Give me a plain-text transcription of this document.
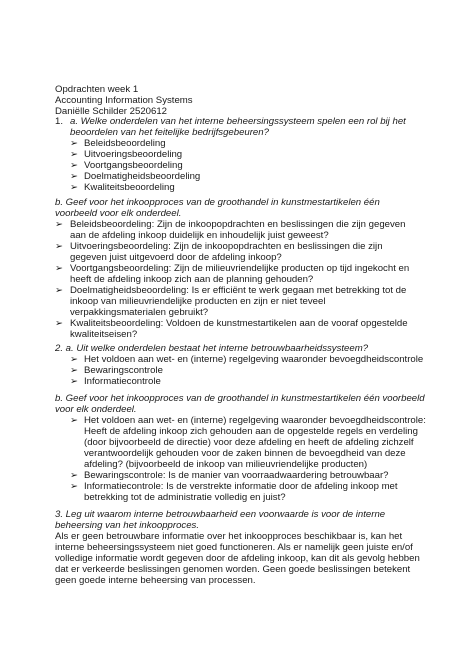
Opdrachten week 1
Accounting Information Systems
Daniëlle Schilder 2520612
1. a. Welke onderdelen van het interne beheersingssysteem spelen een rol bij het
beoordelen van het feitelijke bedrijfsgebeuren?
➢ Beleidsbeoordeling
➢ Uitvoeringsbeoordeling
➢ Voortgangsbeoordeling
➢ Doelmatigheidsbeoordeling
➢ Kwaliteitsbeoordeling
b. Geef voor het inkoopproces van de groothandel in kunstmestartikelen één
voorbeeld voor elk onderdeel.
➢ Beleidsbeoordeling: Zijn de inkoopopdrachten en beslissingen die zijn gegeven
aan de afdeling inkoop duidelijk en inhoudelijk juist geweest?
➢ Uitvoeringsbeoordeling: Zijn de inkoopopdrachten en beslissingen die zijn
gegeven juist uitgevoerd door de afdeling inkoop?
➢ Voortgangsbeoordeling: Zijn de milieuvriendelijke producten op tijd ingekocht en
heeft de afdeling inkoop zich aan de planning gehouden?
➢ Doelmatigheidsbeoordeling: Is er efficiënt te werk gegaan met betrekking tot de
inkoop van milieuvriendelijke producten en zijn er niet teveel
verpakkingsmaterialen gebruikt?
➢ Kwaliteitsbeoordeling: Voldoen de kunstmestartikelen aan de vooraf opgestelde
kwaliteitseisen?
2. a. Uit welke onderdelen bestaat het interne betrouwbaarheidssysteem?
➢ Het voldoen aan wet- en (interne) regelgeving waaronder bevoegdheidscontrole
➢ Bewaringscontrole
➢ Informatiecontrole
b. Geef voor het inkoopproces van de groothandel in kunstmestartikelen één voorbeeld
voor elk onderdeel.
➢ Het voldoen aan wet- en (interne) regelgeving waaronder bevoegdheidscontrole:
Heeft de afdeling inkoop zich gehouden aan de opgestelde regels en verdeling
(door bijvoorbeeld de directie) voor deze afdeling en heeft de afdeling zichzelf
verantwoordelijk gehouden voor de zaken binnen de bevoegdheid van deze
afdeling? (bijvoorbeeld de inkoop van milieuvriendelijke producten)
➢ Bewaringscontrole: Is de manier van voorraadwaardering betrouwbaar?
➢ Informatiecontrole: Is de verstrekte informatie door de afdeling inkoop met
betrekking tot de administratie volledig en juist?
3. Leg uit waarom interne betrouwbaarheid een voorwaarde is voor de interne
beheersing van het inkoopproces.
Als er geen betrouwbare informatie over het inkoopproces beschikbaar is, kan het
interne beheersingssysteem niet goed functioneren. Als er namelijk geen juiste en/of
volledige informatie wordt gegeven door de afdeling inkoop, kan dit als gevolg hebben
dat er verkeerde beslissingen genomen worden. Geen goede beslissingen betekent
geen goede interne beheersing van processen.
